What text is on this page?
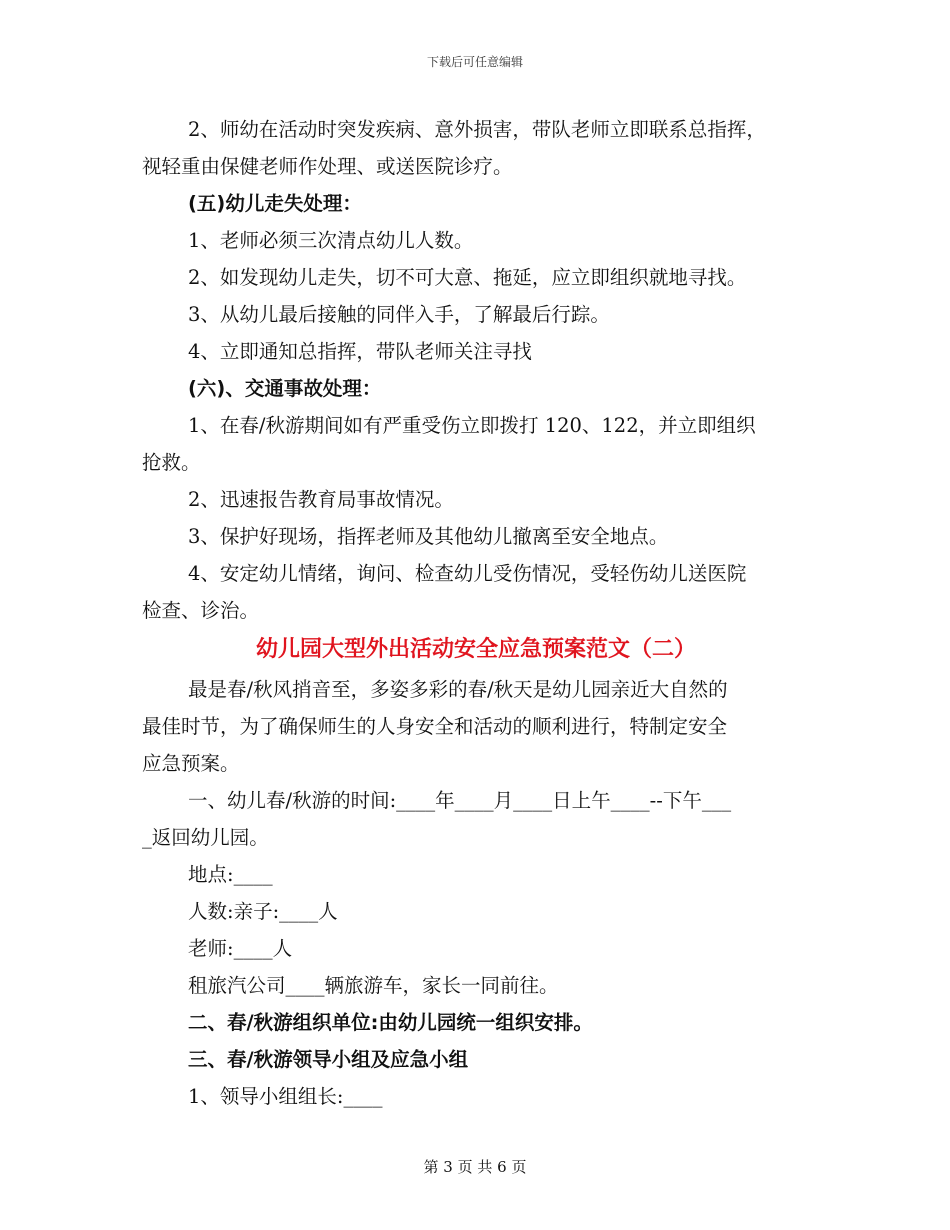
下载后可任意编辑

2、师幼在活动时突发疾病、意外损害，带队老师立即联系总指挥，

视轻重由保健老师作处理、或送医院诊疗。

(五)幼儿走失处理：

1、老师必须三次清点幼儿人数。

2、如发现幼儿走失，切不可大意、拖延，应立即组织就地寻找。

3、从幼儿最后接触的同伴入手，了解最后行踪。

4、立即通知总指挥，带队老师关注寻找

(六)、交通事故处理：

1、在春/秋游期间如有严重受伤立即拨打 120、122，并立即组织

抢救。

2、迅速报告教育局事故情况。

3、保护好现场，指挥老师及其他幼儿撤离至安全地点。

4、安定幼儿情绪，询问、检查幼儿受伤情况，受轻伤幼儿送医院

检查、诊治。

幼儿园大型外出活动安全应急预案范文（二）

最是春/秋风捎音至，多姿多彩的春/秋天是幼儿园亲近大自然的

最佳时节，为了确保师生的人身安全和活动的顺利进行，特制定安全

应急预案。

一、幼儿春/秋游的时间:____年____月____日上午____--下午___

_返回幼儿园。

地点:____

人数:亲子:____人

老师:____人

租旅汽公司____辆旅游车，家长一同前往。

二、春/秋游组织单位:由幼儿园统一组织安排。

三、春/秋游领导小组及应急小组

1、领导小组组长:____

第 3 页 共 6 页
